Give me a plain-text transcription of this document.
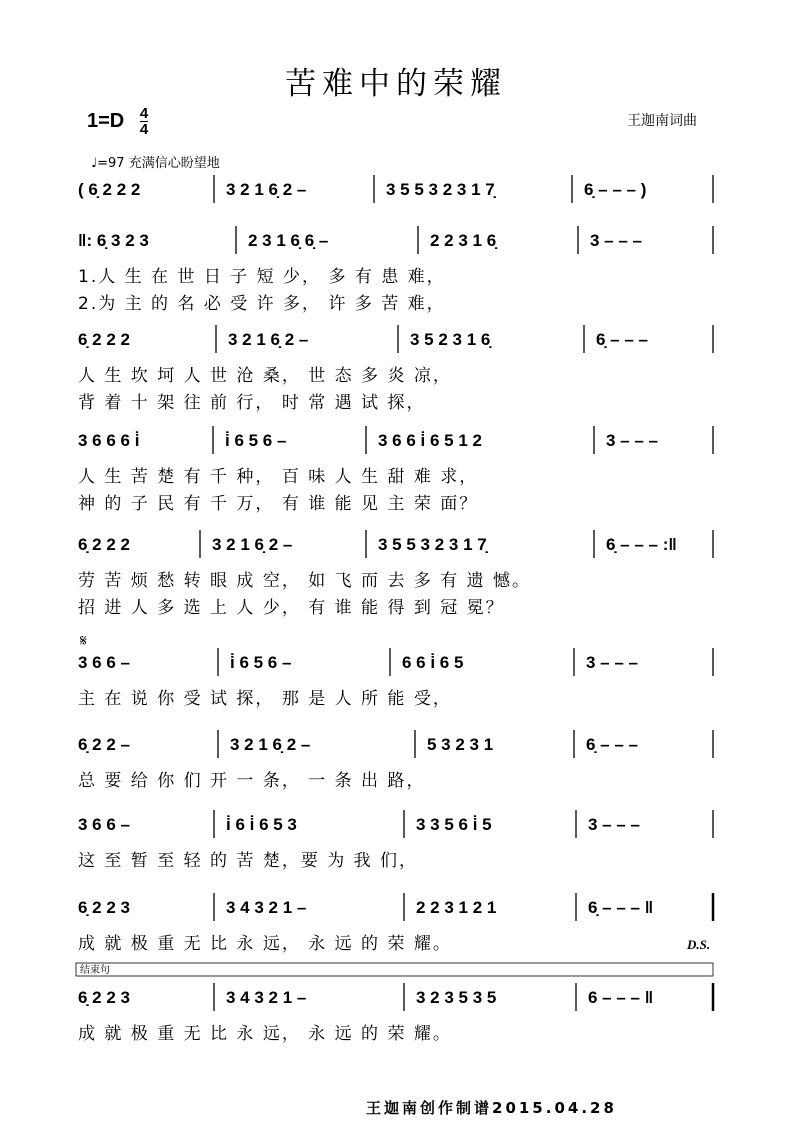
苦难中的荣耀
$1=D \frac{4}{4}$	王迦南词曲
♩=97 充满信心盼望地
( 6̣ 2 2 2	3 2 1 6̣ 2 –	3 5 5 3 2 3 1 7̣	6̣ – – – )
‖: 6̣ 3 2 3	2 3 1 6̣ 6̣ –	2 2 3 1 6̣	3 – – –
1.人 生 在 世 日 子 短 少， 多 有 患 难，
2.为 主 的 名 必 受 许 多， 许 多 苦 难，
6̣ 2 2 2	3 2 1 6̣ 2 –	3 5 2 3 1 6̣	6̣ – – –
人 生 坎 坷 人 世 沧 桑， 世 态 多 炎 凉，
背 着 十 架 往 前 行， 时 常 遇 试 探，
3 6 6 6 i̇	i̇ 6 5 6 –	3 6 6 i̇ 6 5 1 2	3 – – –
人 生 苦 楚 有 千 种， 百 味 人 生 甜 难 求，
神 的 子 民 有 千 万， 有 谁 能 见 主 荣 面？
6̣ 2 2 2	3 2 1 6̣ 2 –	3 5 5 3 2 3 1 7̣	6̣ – – – :‖
劳 苦 烦 愁 转 眼 成 空， 如 飞 而 去 多 有 遗 憾。
招 进 人 多 选 上 人 少， 有 谁 能 得 到 冠 冕？
3 6 6 –	i̇ 6 5 6 –	6 6 i̇ 6 5	3 – – –
主 在 说 你 受 试 探， 那 是 人 所 能 受，
𝄋
6̣ 2 2 –	3 2 1 6̣ 2 –	5 3 2 3 1	6̣ – – –
总 要 给 你 们 开 一 条， 一 条 出 路，
3 6 6 –	i̇ 6 i̇ 6 5 3	3 3 5 6 i̇ 5	3 – – –
这 至 暂 至 轻 的 苦 楚，要 为 我 们，
6̣ 2 2 3	3 4 3 2 1 –	2 2 3 1 2 1	6̣ – – – ‖
成 就 极 重 无 比 永 远， 永 远 的 荣 耀。	D.S.
6̣ 2 2 3	3 4 3 2 1 –	3 2 3 5 3 5	6 – – – ‖
成 就 极 重 无 比 永 远， 永 远 的 荣 耀。
结束句
王迦南创作制谱2015.04.28
